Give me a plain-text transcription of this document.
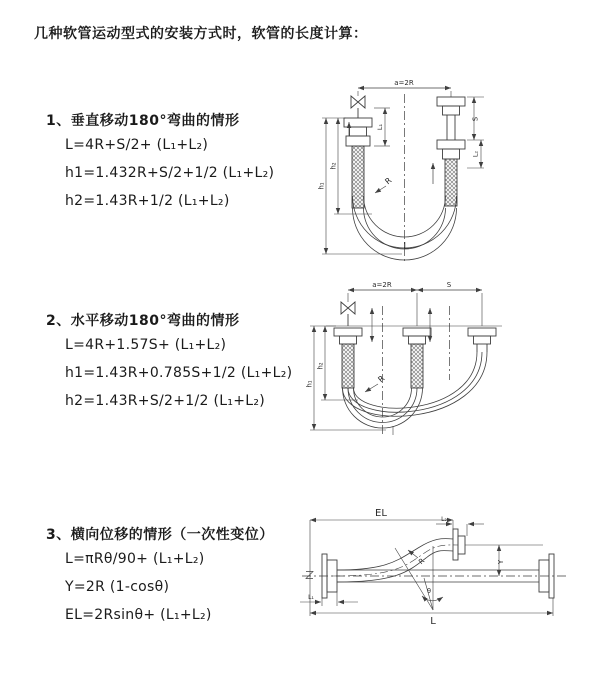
几种软管运动型式的安装方式时，软管的长度计算：
1、垂直移动180°弯曲的情形
L=4R+S/2+ (L₁+L₂)
h1=1.432R+S/2+1/2 (L₁+L₂)
h2=1.43R+1/2 (L₁+L₂)
a=2R
S
L₂
L₁
h₁
h₂
R
L
2、水平移动180°弯曲的情形
L=4R+1.57S+ (L₁+L₂)
h1=1.43R+0.785S+1/2 (L₁+L₂)
h2=1.43R+S/2+1/2 (L₁+L₂)
a=2R	S
h₁
h₂
R
3、横向位移的情形（一次性变位）
L=πRθ/90+ (L₁+L₂)
Y=2R (1-cosθ)
EL=2Rsinθ+ (L₁+L₂)
EL
L₂
Y
L
L₁
R
θ
